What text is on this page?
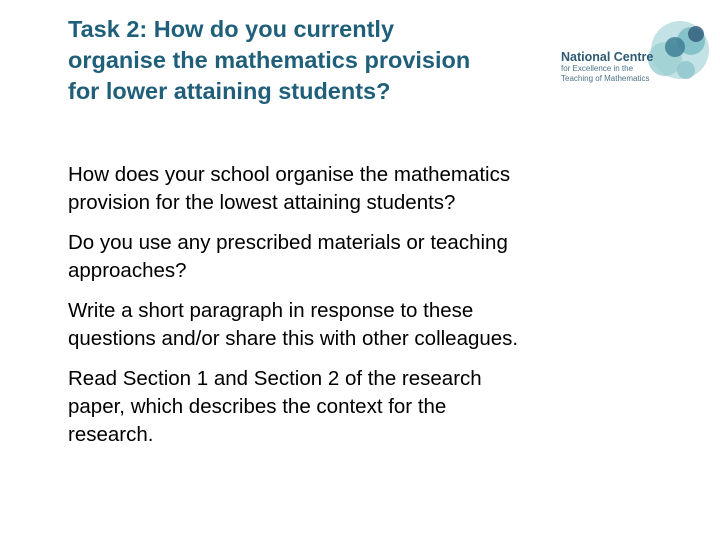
Task 2: How do you currently
organise the mathematics provision
for lower attaining students?
National Centre
for Excellence in the
Teaching of Mathematics

How does your school organise the mathematics
provision for the lowest attaining students?

Do you use any prescribed materials or teaching
approaches?

Write a short paragraph in response to these
questions and/or share this with other colleagues.

Read Section 1 and Section 2 of the research
paper, which describes the context for the
research.
